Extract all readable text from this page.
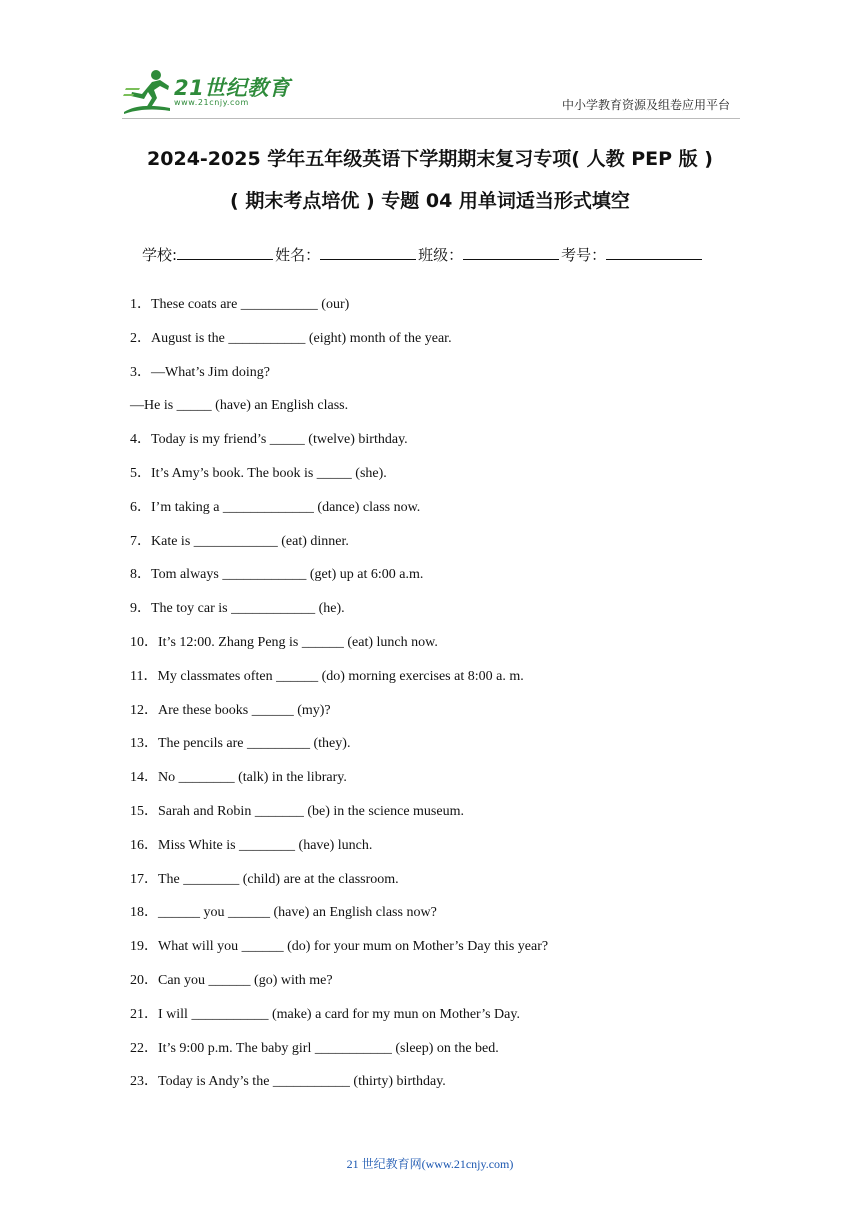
21世纪教育
www.21cnjy.com	中小学教育资源及组卷应用平台
2024-2025 学年五年级英语下学期期末复习专项( 人教 PEP 版 )
( 期末考点培优 ) 专题 04 用单词适当形式填空
学校:	姓名：	班级：	考号：
1．These coats are ___________ (our)
2．August is the ___________ (eight) month of the year.
3．—What’s Jim doing?
—He is _____ (have) an English class.
4．Today is my friend’s _____ (twelve) birthday.
5．It’s Amy’s book. The book is _____ (she).
6．I’m taking a _____________ (dance) class now.
7．Kate is ____________ (eat) dinner.
8．Tom always ____________ (get) up at 6:00 a.m.
9．The toy car is ____________ (he).
10．It’s 12:00. Zhang Peng is ______ (eat) lunch now.
11．My classmates often ______ (do) morning exercises at 8:00 a. m.
12．Are these books ______ (my)?
13．The pencils are _________ (they).
14．No ________ (talk) in the library.
15．Sarah and Robin _______ (be) in the science museum.
16．Miss White is ________ (have) lunch.
17．The ________ (child) are at the classroom.
18．______ you ______ (have) an English class now?
19．What will you ______ (do) for your mum on Mother’s Day this year?
20．Can you ______ (go) with me?
21．I will ___________ (make) a card for my mun on Mother’s Day.
22．It’s 9:00 p.m. The baby girl ___________ (sleep) on the bed.
23．Today is Andy’s the ___________ (thirty) birthday.
21 世纪教育网(www.21cnjy.com)
